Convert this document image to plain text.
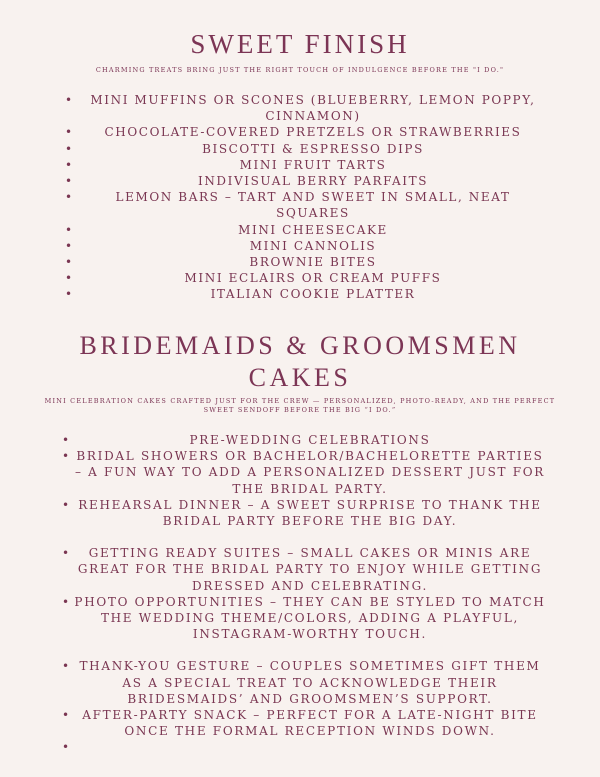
SWEET FINISH
CHARMING TREATS BRING JUST THE RIGHT TOUCH OF INDULGENCE BEFORE THE "I DO."
• MINI MUFFINS OR SCONES (BLUEBERRY, LEMON POPPY, CINNAMON)
•	CHOCOLATE-COVERED PRETZELS OR STRAWBERRIES
•	BISCOTTI & ESPRESSO DIPS
•	MINI FRUIT TARTS
•	INDIVISUAL BERRY PARFAITS
•	LEMON BARS – TART AND SWEET IN SMALL, NEAT SQUARES
•	MINI CHEESECAKE
•	MINI CANNOLIS
•	BROWNIE BITES
•	MINI ECLAIRS OR CREAM PUFFS
•	ITALIAN COOKIE PLATTER
BRIDEMAIDS & GROOMSMEN CAKES
MINI CELEBRATION CAKES CRAFTED JUST FOR THE CREW — PERSONALIZED, PHOTO-READY, AND THE PERFECT SWEET SENDOFF BEFORE THE BIG “I DO.”
•	PRE-WEDDING CELEBRATIONS
• BRIDAL SHOWERS OR BACHELOR/BACHELORETTE PARTIES – A FUN WAY TO ADD A PERSONALIZED DESSERT JUST FOR THE BRIDAL PARTY.
• REHEARSAL DINNER – A SWEET SURPRISE TO THANK THE BRIDAL PARTY BEFORE THE BIG DAY.
• GETTING READY SUITES – SMALL CAKES OR MINIS ARE GREAT FOR THE BRIDAL PARTY TO ENJOY WHILE GETTING DRESSED AND CELEBRATING.
• PHOTO OPPORTUNITIES – THEY CAN BE STYLED TO MATCH THE WEDDING THEME/COLORS, ADDING A PLAYFUL, INSTAGRAM-WORTHY TOUCH.
• THANK-YOU GESTURE – COUPLES SOMETIMES GIFT THEM AS A SPECIAL TREAT TO ACKNOWLEDGE THEIR BRIDESMAIDS’ AND GROOMSMEN’S SUPPORT.
• AFTER-PARTY SNACK – PERFECT FOR A LATE-NIGHT BITE ONCE THE FORMAL RECEPTION WINDS DOWN.
•
